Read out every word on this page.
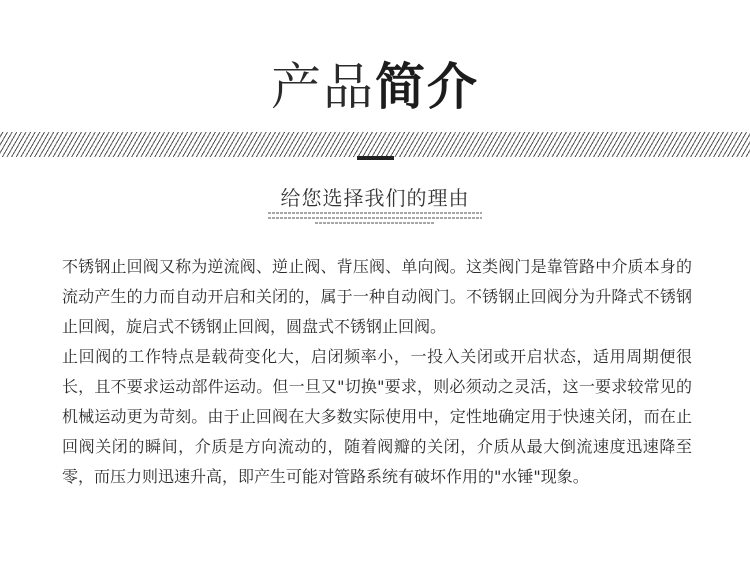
产品简介
给您选择我们的理由

不锈钢止回阀又称为逆流阀、逆止阀、背压阀、单向阀。这类阀门是靠管路中介质本身的流动产生的力而自动开启和关闭的，属于一种自动阀门。不锈钢止回阀分为升降式不锈钢止回阀，旋启式不锈钢止回阀，圆盘式不锈钢止回阀。

止回阀的工作特点是载荷变化大，启闭频率小，一投入关闭或开启状态，适用周期便很长，且不要求运动部件运动。但一旦又"切换"要求，则必须动之灵活，这一要求较常见的机械运动更为苛刻。由于止回阀在大多数实际使用中，定性地确定用于快速关闭，而在止回阀关闭的瞬间，介质是方向流动的，随着阀瓣的关闭，介质从最大倒流速度迅速降至零，而压力则迅速升高，即产生可能对管路系统有破坏作用的"水锤"现象。
